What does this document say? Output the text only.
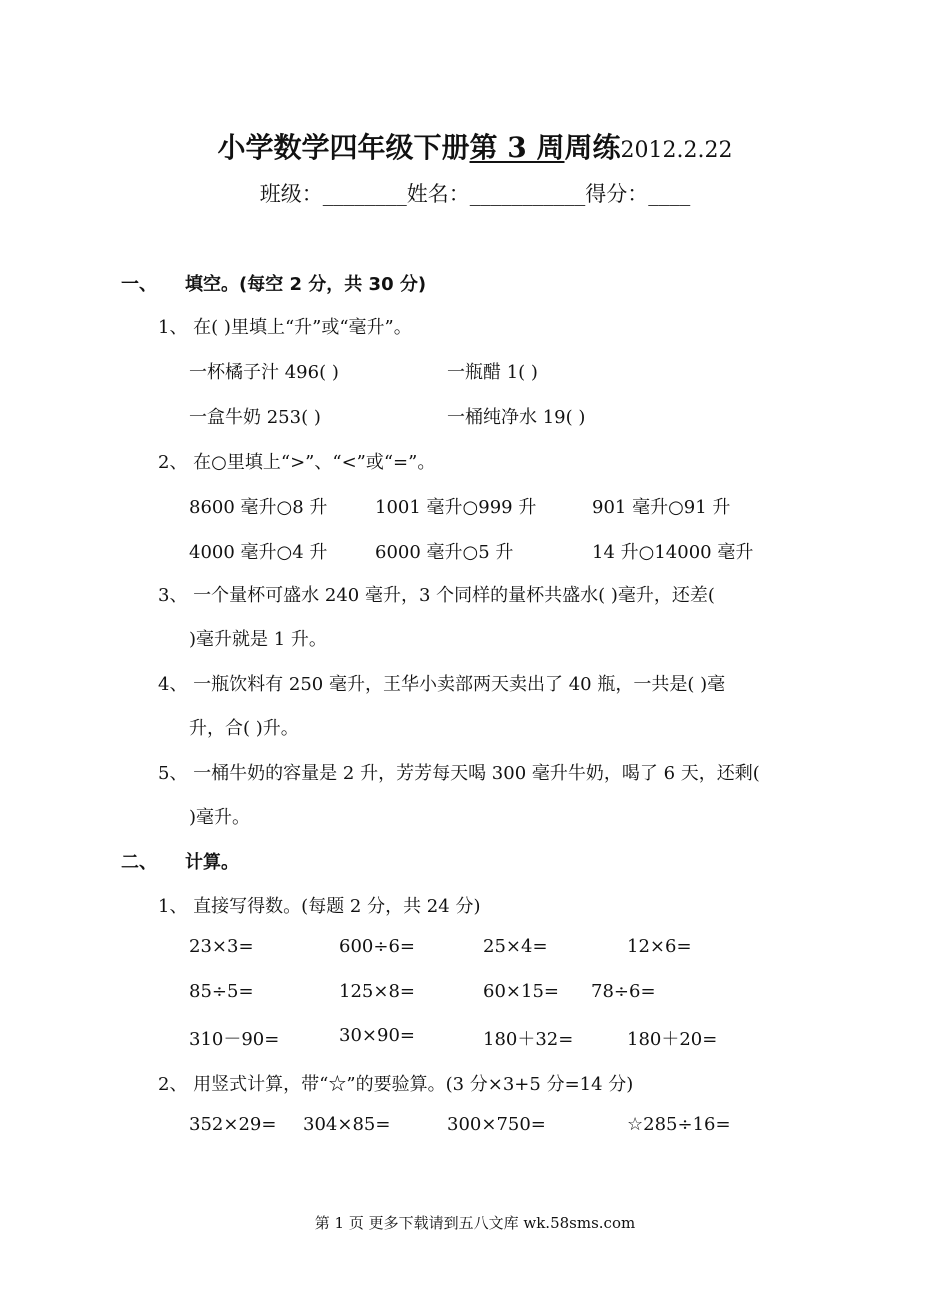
小学数学四年级下册第 3 周周练2012.2.22
班级：________姓名：___________得分：____
一、 填空。(每空 2 分，共 30 分)
1、 在( )里填上“升”或“毫升”。
一杯橘子汁 496( )	一瓶醋 1( )
一盒牛奶 253( )	一桶纯净水 19( )
2、 在○里填上“>”、“<”或“=”。
8600 毫升○8 升	1001 毫升○999 升	901 毫升○91 升
4000 毫升○4 升	6000 毫升○5 升	14 升○14000 毫升
3、 一个量杯可盛水 240 毫升，3 个同样的量杯共盛水( )毫升，还差(
)毫升就是 1 升。
4、 一瓶饮料有 250 毫升，王华小卖部两天卖出了 40 瓶，一共是( )毫
升，合( )升。
5、 一桶牛奶的容量是 2 升，芳芳每天喝 300 毫升牛奶，喝了 6 天，还剩(
)毫升。
二、 计算。
1、 直接写得数。(每题 2 分，共 24 分)
23×3=	600÷6=	25×4=	12×6=
85÷5=	125×8=	60×15= 78÷6=
310－90=	30×90=	180＋32=	180＋20=
2、 用竖式计算，带“☆”的要验算。(3 分×3+5 分=14 分)
352×29= 304×85=	300×750=	☆285÷16=
第 1 页 更多下载请到五八文库 wk.58sms.com
